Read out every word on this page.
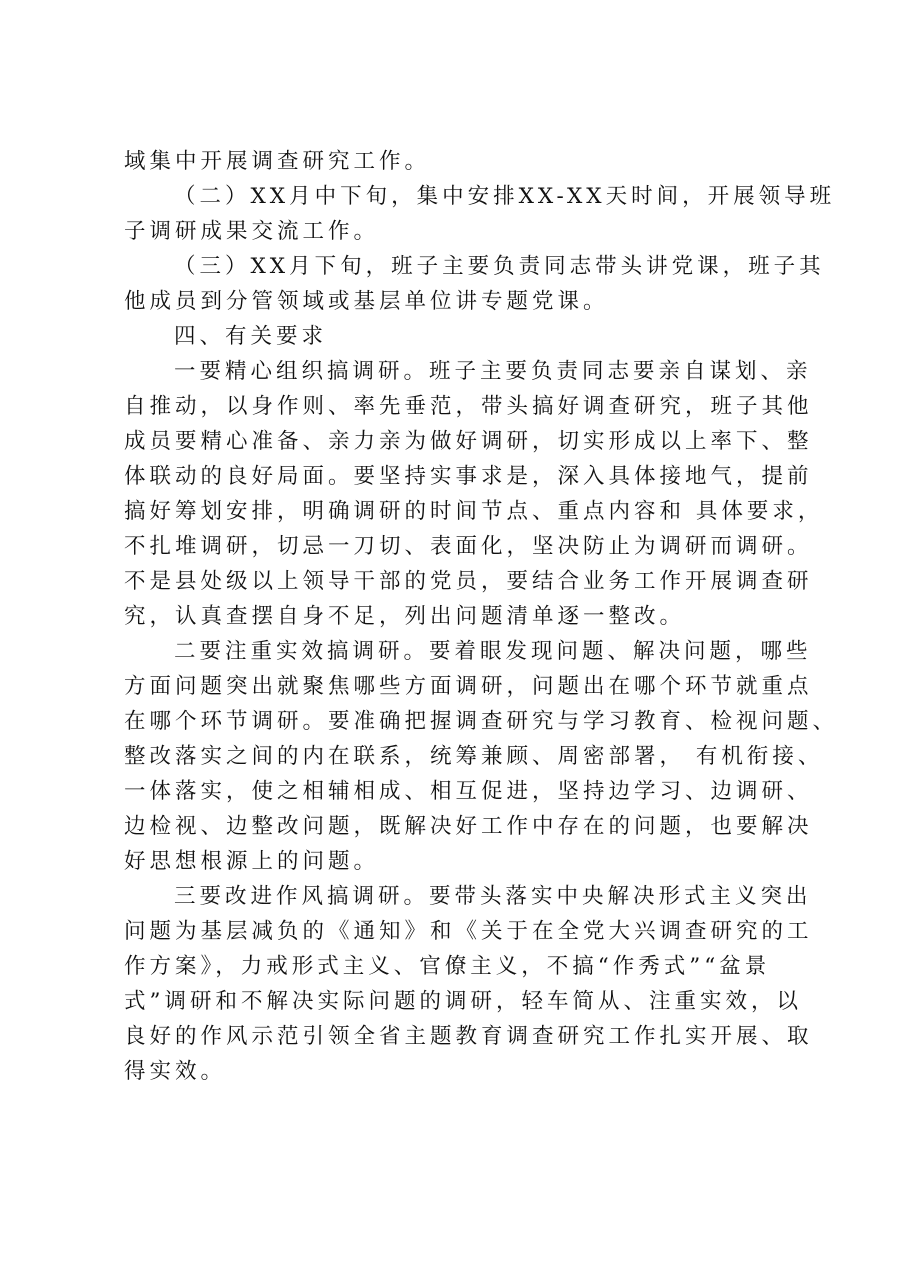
域集中开展调查研究工作。
（二）XX月中下旬，集中安排XX-XX天时间，开展领导班
子调研成果交流工作。
（三）XX月下旬，班子主要负责同志带头讲党课，班子其
他成员到分管领域或基层单位讲专题党课。
四、有关要求
一要精心组织搞调研。班子主要负责同志要亲自谋划、亲
自推动，以身作则、率先垂范，带头搞好调查研究，班子其他
成员要精心准备、亲力亲为做好调研，切实形成以上率下、整
体联动的良好局面。要坚持实事求是，深入具体接地气，提前
搞好筹划安排，明确调研的时间节点、重点内容和 具体要求，
不扎堆调研，切忌一刀切、表面化，坚决防止为调研而调研。
不是县处级以上领导干部的党员，要结合业务工作开展调查研
究，认真查摆自身不足，列出问题清单逐一整改。
二要注重实效搞调研。要着眼发现问题、解决问题，哪些
方面问题突出就聚焦哪些方面调研，问题出在哪个环节就重点
在哪个环节调研。要准确把握调查研究与学习教育、检视问题、
整改落实之间的内在联系，统筹兼顾、周密部署， 有机衔接、
一体落实，使之相辅相成、相互促进，坚持边学习、边调研、
边检视、边整改问题，既解决好工作中存在的问题，也要解决
好思想根源上的问题。
三要改进作风搞调研。要带头落实中央解决形式主义突出
问题为基层减负的《通知》和《关于在全党大兴调查研究的工
作方案》，力戒形式主义、官僚主义，不搞“作秀式”“盆景
式”调研和不解决实际问题的调研，轻车简从、注重实效，以
良好的作风示范引领全省主题教育调查研究工作扎实开展、取
得实效。
